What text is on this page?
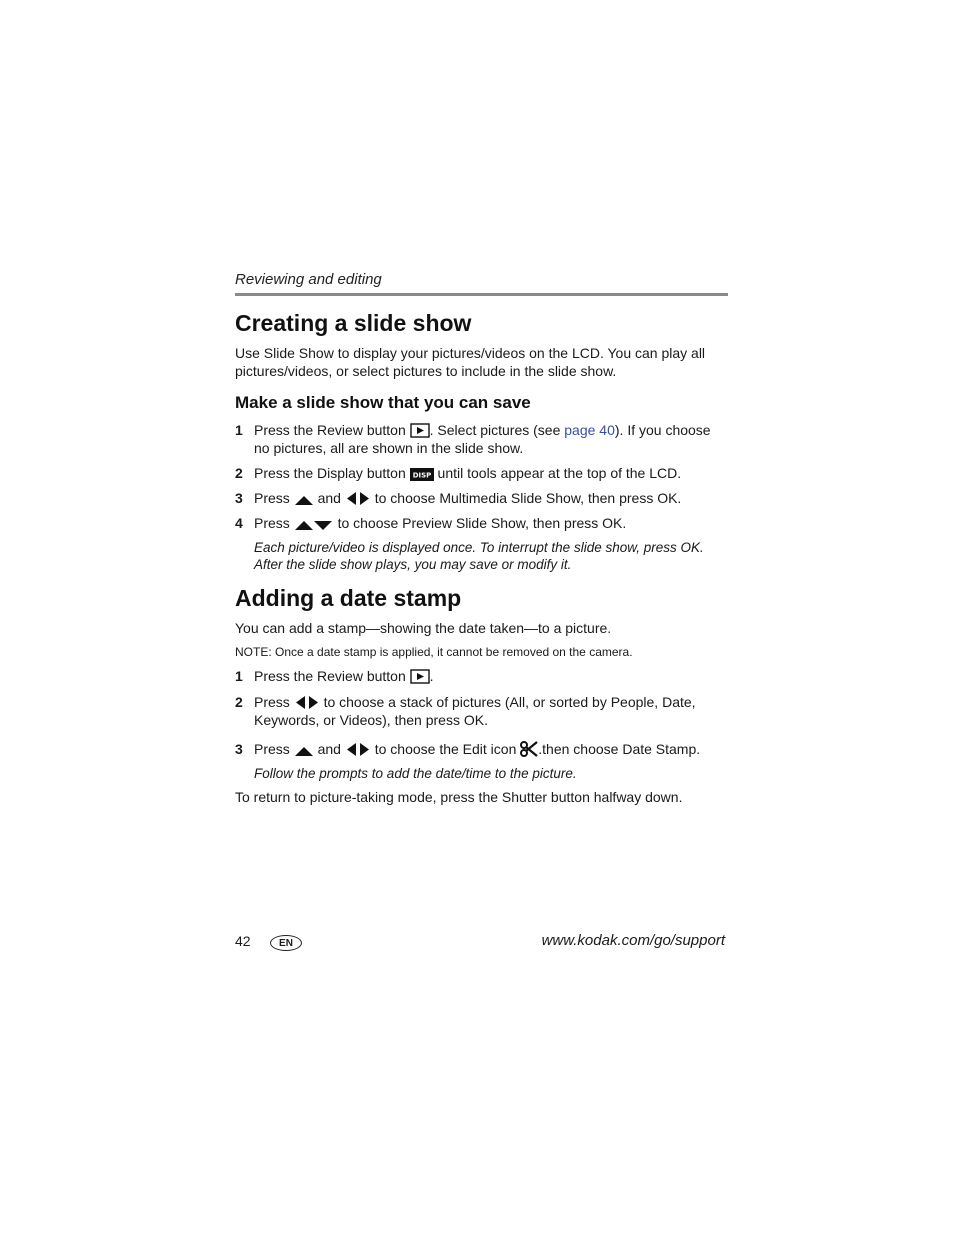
Reviewing and editing
Creating a slide show
Use Slide Show to display your pictures/videos on the LCD. You can play all pictures/videos, or select pictures to include in the slide show.
Make a slide show that you can save
1 Press the Review button . Select pictures (see page 40). If you choose no pictures, all are shown in the slide show.
2 Press the Display button DISP until tools appear at the top of the LCD.
3 Press and to choose Multimedia Slide Show, then press OK.
4 Press	to choose Preview Slide Show, then press OK.
Each picture/video is displayed once. To interrupt the slide show, press OK. After the slide show plays, you may save or modify it.
Adding a date stamp
You can add a stamp—showing the date taken—to a picture.
NOTE: Once a date stamp is applied, it cannot be removed on the camera.
1 Press the Review button .
2 Press to choose a stack of pictures (All, or sorted by People, Date, Keywords, or Videos), then press OK.
3 Press and to choose the Edit icon .then choose Date Stamp.
Follow the prompts to add the date/time to the picture.
To return to picture-taking mode, press the Shutter button halfway down.
42	EN	www.kodak.com/go/support
